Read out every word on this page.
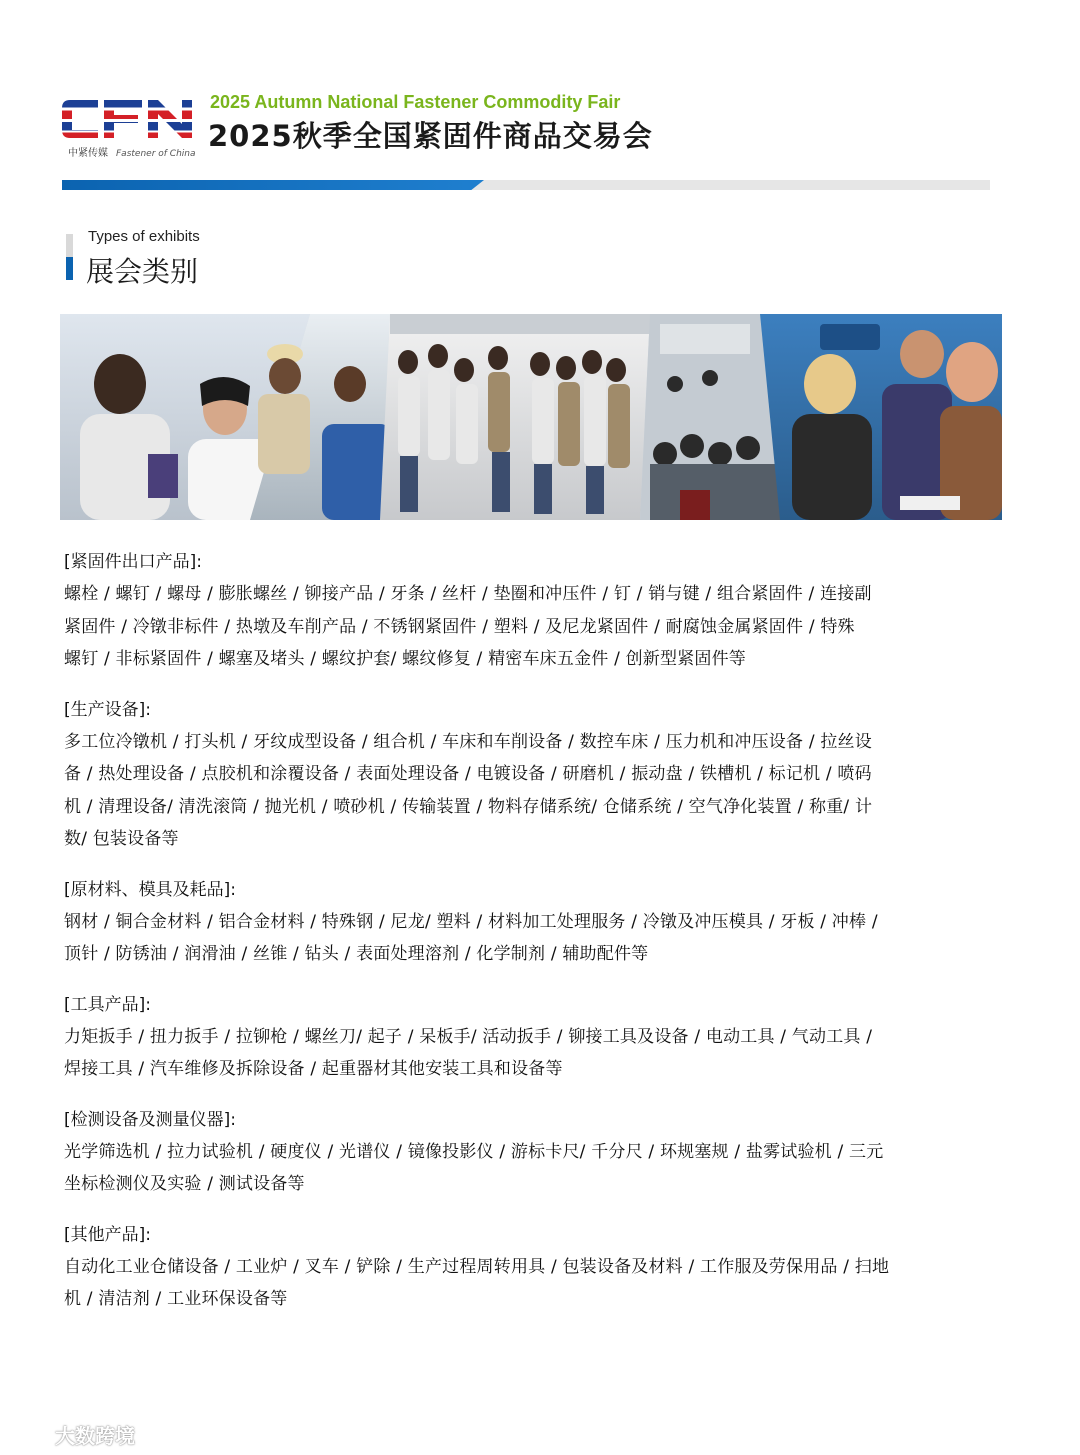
中紧传媒 Fastener of China
2025 Autumn National Fastener Commodity Fair
2025秋季全国紧固件商品交易会
Types of exhibits
展会类别
[紧固件出口产品]:
螺栓 / 螺钉 / 螺母 / 膨胀螺丝 / 铆接产品 / 牙条 / 丝杆 / 垫圈和冲压件 / 钉 / 销与键 / 组合紧固件 / 连接副
紧固件 / 冷镦非标件 / 热墩及车削产品 / 不锈钢紧固件 / 塑料 / 及尼龙紧固件 / 耐腐蚀金属紧固件 / 特殊
螺钉 / 非标紧固件 / 螺塞及堵头 / 螺纹护套/ 螺纹修复 / 精密车床五金件 / 创新型紧固件等
[生产设备]:
多工位冷镦机 / 打头机 / 牙纹成型设备 / 组合机 / 车床和车削设备 / 数控车床 / 压力机和冲压设备 / 拉丝设
备 / 热处理设备 / 点胶机和涂覆设备 / 表面处理设备 / 电镀设备 / 研磨机 / 振动盘 / 铁槽机 / 标记机 / 喷码
机 / 清理设备/ 清洗滚筒 / 抛光机 / 喷砂机 / 传输装置 / 物料存储系统/ 仓储系统 / 空气净化装置 / 称重/ 计
数/ 包装设备等
[原材料、模具及耗品]:
钢材 / 铜合金材料 / 铝合金材料 / 特殊钢 / 尼龙/ 塑料 / 材料加工处理服务 / 冷镦及冲压模具 / 牙板 / 冲棒 /
顶针 / 防锈油 / 润滑油 / 丝锥 / 钻头 / 表面处理溶剂 / 化学制剂 / 辅助配件等
[工具产品]:
力矩扳手 / 扭力扳手 / 拉铆枪 / 螺丝刀/ 起子 / 呆板手/ 活动扳手 / 铆接工具及设备 / 电动工具 / 气动工具 /
焊接工具 / 汽车维修及拆除设备 / 起重器材其他安装工具和设备等
[检测设备及测量仪器]:
光学筛选机 / 拉力试验机 / 硬度仪 / 光谱仪 / 镜像投影仪 / 游标卡尺/ 千分尺 / 环规塞规 / 盐雾试验机 / 三元
坐标检测仪及实验 / 测试设备等
[其他产品]:
自动化工业仓储设备 / 工业炉 / 叉车 / 铲除 / 生产过程周转用具 / 包装设备及材料 / 工作服及劳保用品 / 扫地
机 / 清洁剂 / 工业环保设备等
大数跨境
